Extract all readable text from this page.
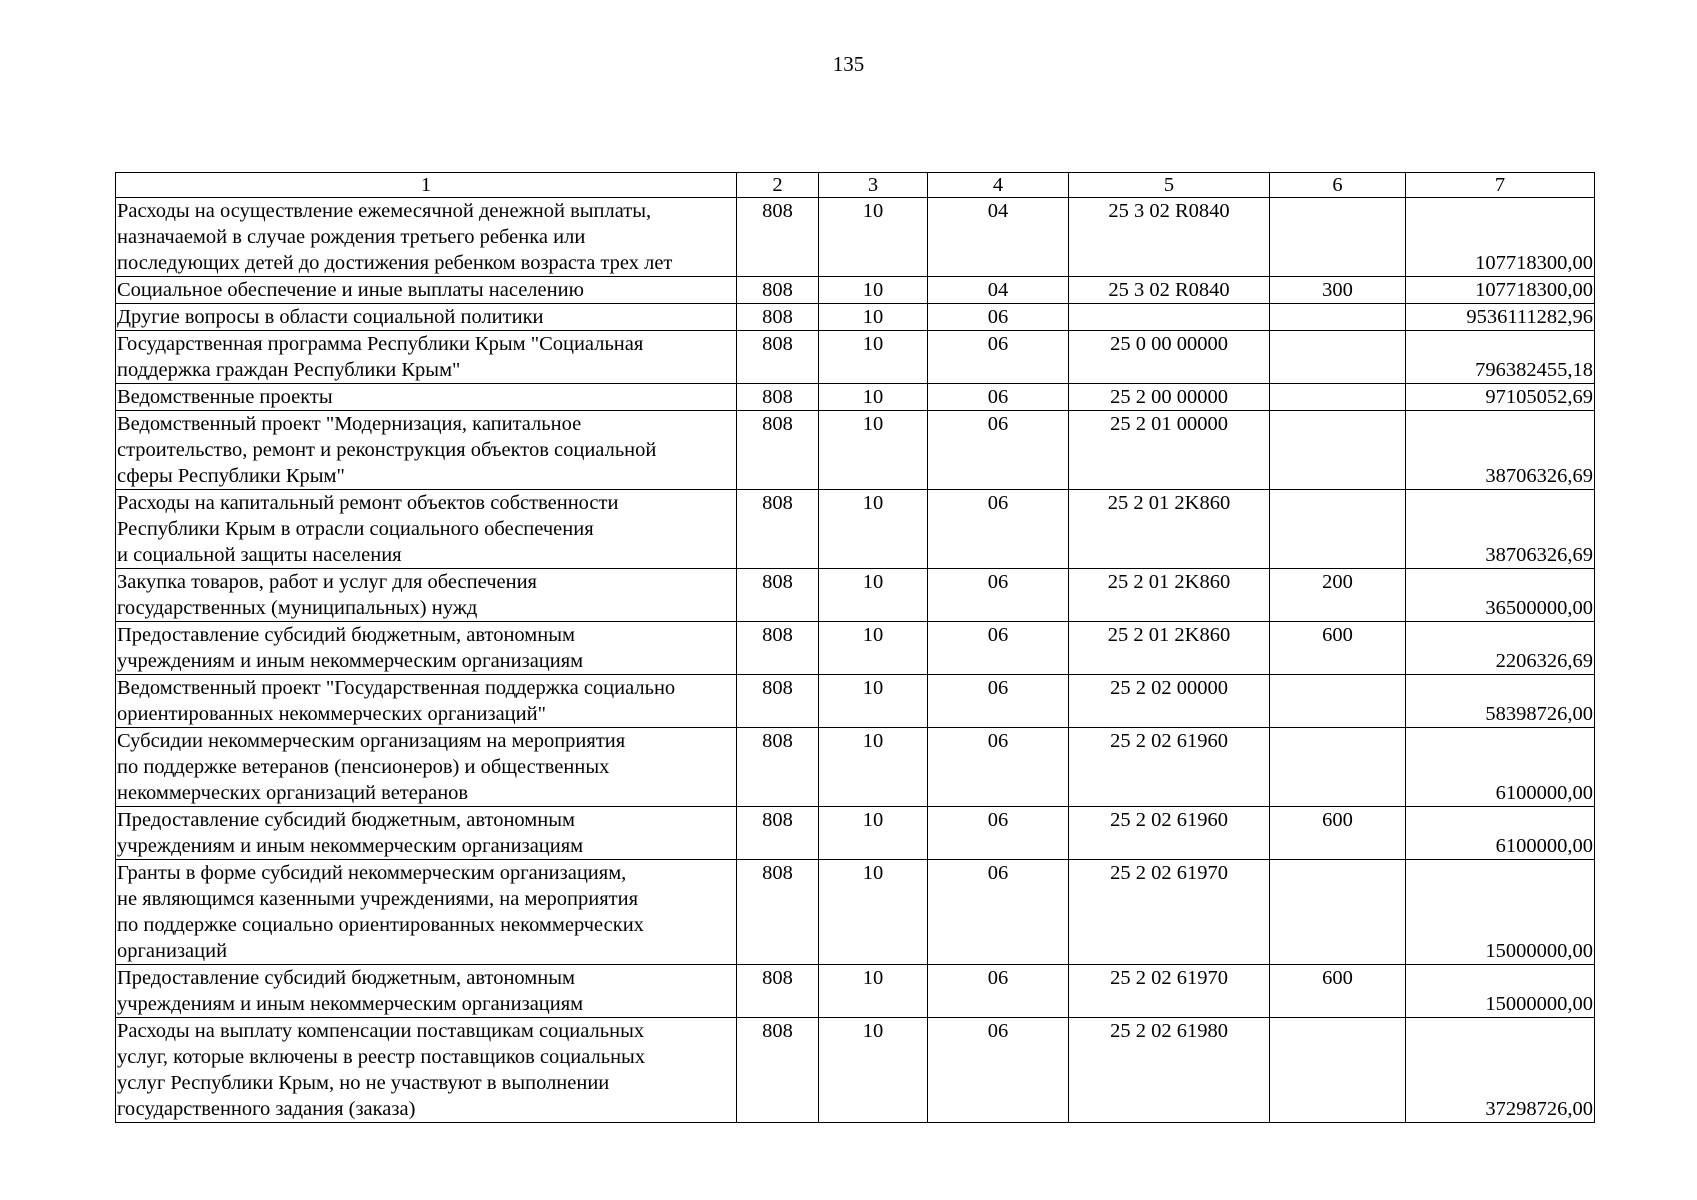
135
1	2	3	4	5	6	7
Расходы на осуществление ежемесячной денежной выплаты,
назначаемой в случае рождения третьего ребенка или
последующих детей до достижения ребенком возраста трех лет	808	10	04	25 3 02 R0840		107718300,00
Социальное обеспечение и иные выплаты населению	808	10	04	25 3 02 R0840	300	107718300,00
Другие вопросы в области социальной политики	808	10	06			9536111282,96
Государственная программа Республики Крым "Социальная
поддержка граждан Республики Крым"	808	10	06	25 0 00 00000		796382455,18
Ведомственные проекты	808	10	06	25 2 00 00000		97105052,69
Ведомственный проект "Модернизация, капитальное
строительство, ремонт и реконструкция объектов социальной
сферы Республики Крым"	808	10	06	25 2 01 00000		38706326,69
Расходы на капитальный ремонт объектов собственности
Республики Крым в отрасли социального обеспечения
и социальной защиты населения	808	10	06	25 2 01 2K860		38706326,69
Закупка товаров, работ и услуг для обеспечения
государственных (муниципальных) нужд	808	10	06	25 2 01 2K860	200	36500000,00
Предоставление субсидий бюджетным, автономным
учреждениям и иным некоммерческим организациям	808	10	06	25 2 01 2K860	600	2206326,69
Ведомственный проект "Государственная поддержка социально
ориентированных некоммерческих организаций"	808	10	06	25 2 02 00000		58398726,00
Субсидии некоммерческим организациям на мероприятия
по поддержке ветеранов (пенсионеров) и общественных
некоммерческих организаций ветеранов	808	10	06	25 2 02 61960		6100000,00
Предоставление субсидий бюджетным, автономным
учреждениям и иным некоммерческим организациям	808	10	06	25 2 02 61960	600	6100000,00
Гранты в форме субсидий некоммерческим организациям,
не являющимся казенными учреждениями, на мероприятия
по поддержке социально ориентированных некоммерческих
организаций	808	10	06	25 2 02 61970		15000000,00
Предоставление субсидий бюджетным, автономным
учреждениям и иным некоммерческим организациям	808	10	06	25 2 02 61970	600	15000000,00
Расходы на выплату компенсации поставщикам социальных
услуг, которые включены в реестр поставщиков социальных
услуг Республики Крым, но не участвуют в выполнении
государственного задания (заказа)	808	10	06	25 2 02 61980		37298726,00
